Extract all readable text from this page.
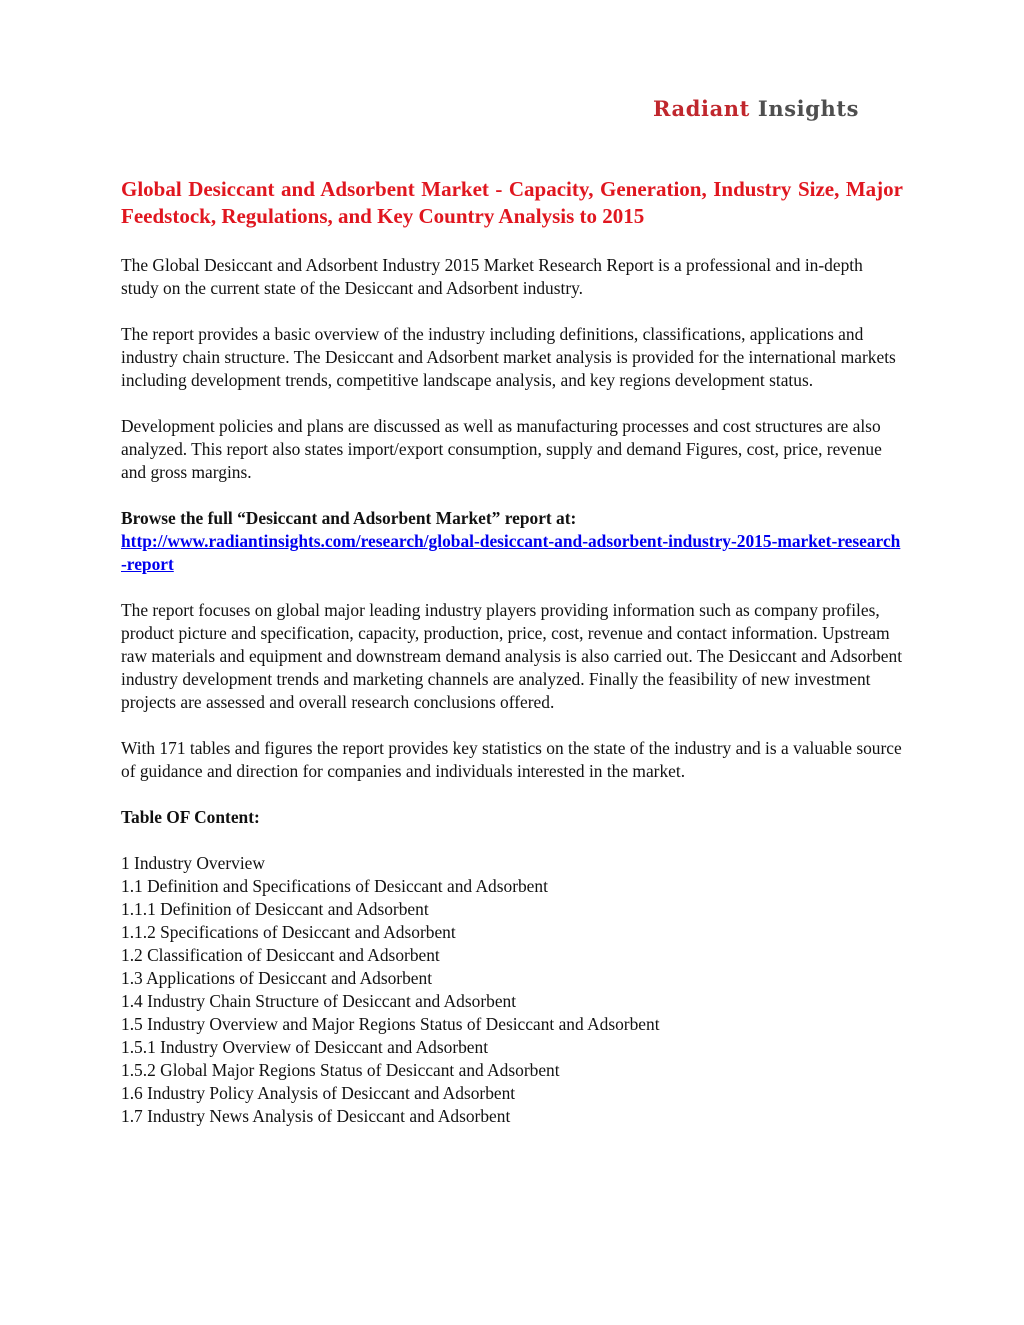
Radiant Insights
Global Desiccant and Adsorbent Market - Capacity, Generation, Industry Size, Major Feedstock, Regulations, and Key Country Analysis to 2015

The Global Desiccant and Adsorbent Industry 2015 Market Research Report is a professional and in-depth study on the current state of the Desiccant and Adsorbent industry.

The report provides a basic overview of the industry including definitions, classifications, applications and industry chain structure. The Desiccant and Adsorbent market analysis is provided for the international markets including development trends, competitive landscape analysis, and key regions development status.

Development policies and plans are discussed as well as manufacturing processes and cost structures are also analyzed. This report also states import/export consumption, supply and demand Figures, cost, price, revenue and gross margins.

Browse the full “Desiccant and Adsorbent Market” report at:
http://www.radiantinsights.com/research/global-desiccant-and-adsorbent-industry-2015-market-research-report

The report focuses on global major leading industry players providing information such as company profiles, product picture and specification, capacity, production, price, cost, revenue and contact information. Upstream raw materials and equipment and downstream demand analysis is also carried out. The Desiccant and Adsorbent industry development trends and marketing channels are analyzed. Finally the feasibility of new investment projects are assessed and overall research conclusions offered.

With 171 tables and figures the report provides key statistics on the state of the industry and is a valuable source of guidance and direction for companies and individuals interested in the market.

Table OF Content:

1 Industry Overview
1.1 Definition and Specifications of Desiccant and Adsorbent
1.1.1 Definition of Desiccant and Adsorbent
1.1.2 Specifications of Desiccant and Adsorbent
1.2 Classification of Desiccant and Adsorbent
1.3 Applications of Desiccant and Adsorbent
1.4 Industry Chain Structure of Desiccant and Adsorbent
1.5 Industry Overview and Major Regions Status of Desiccant and Adsorbent
1.5.1 Industry Overview of Desiccant and Adsorbent
1.5.2 Global Major Regions Status of Desiccant and Adsorbent
1.6 Industry Policy Analysis of Desiccant and Adsorbent
1.7 Industry News Analysis of Desiccant and Adsorbent
